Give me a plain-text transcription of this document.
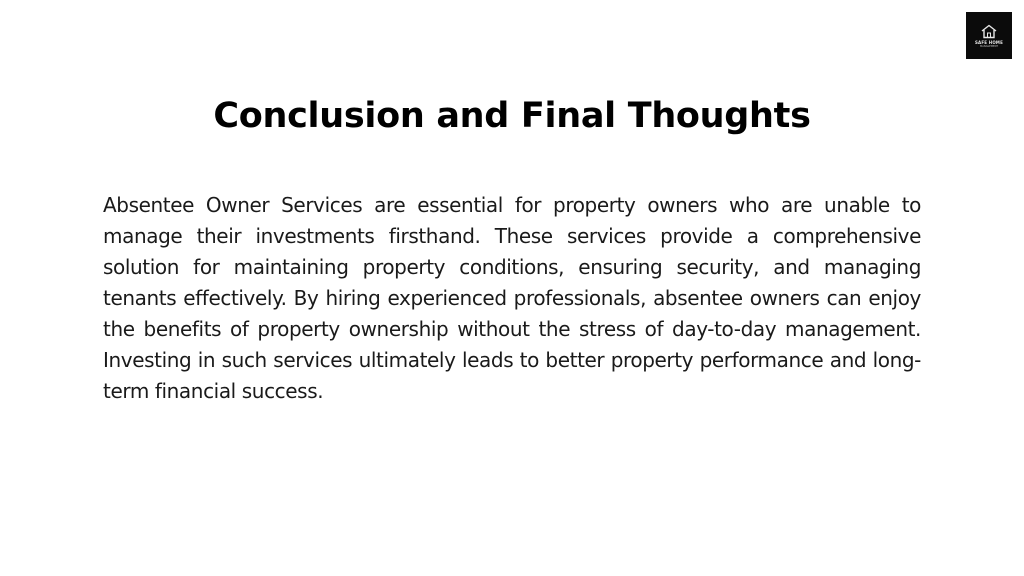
SAFE HOME
MANAGEMENT
Conclusion and Final Thoughts

Absentee Owner Services are essential for property owners who are unable to manage their investments firsthand. These services provide a comprehensive solution for maintaining property conditions, ensuring security, and managing tenants effectively. By hiring experienced professionals, absentee owners can enjoy the benefits of property ownership without the stress of day-to-day management. Investing in such services ultimately leads to better property performance and long-term financial success.
